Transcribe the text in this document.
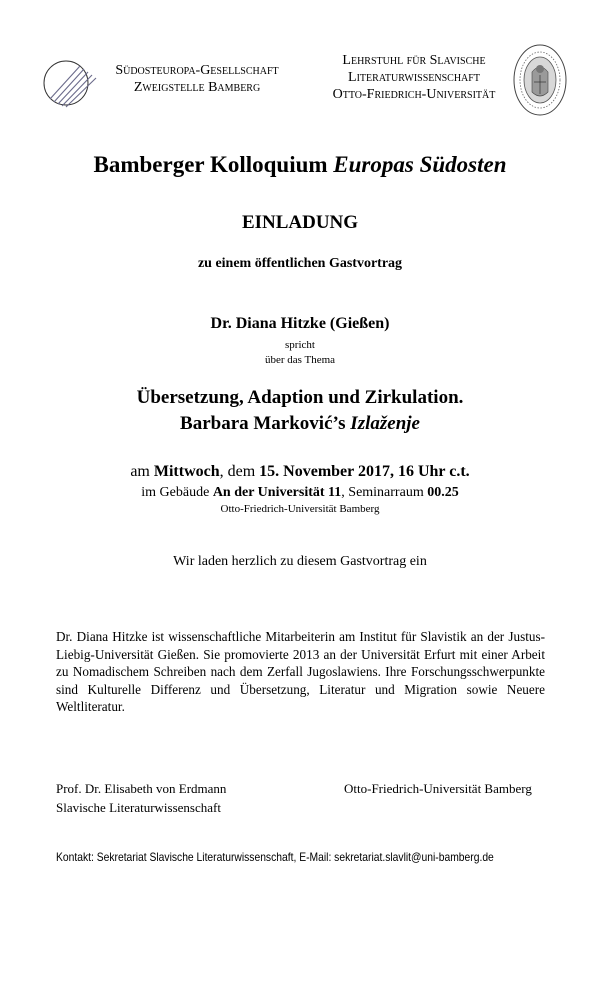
Südosteuropa-Gesellschaft
Zweigstelle Bamberg
Lehrstuhl für Slavische
Literaturwissenschaft
Otto-Friedrich-Universität
Bamberger Kolloquium Europas Südosten
EINLADUNG
zu einem öffentlichen Gastvortrag
Dr. Diana Hitzke (Gießen)
spricht
über das Thema
Übersetzung, Adaption und Zirkulation.
Barbara Marković’s Izlaženje
am Mittwoch, dem 15. November 2017, 16 Uhr c.t.
im Gebäude An der Universität 11, Seminarraum 00.25
Otto-Friedrich-Universität Bamberg
Wir laden herzlich zu diesem Gastvortrag ein
Dr. Diana Hitzke ist wissenschaftliche Mitarbeiterin am Institut für Slavistik an der Justus-Liebig-Universität Gießen. Sie promovierte 2013 an der Universität Erfurt mit einer Arbeit zu Nomadischem Schreiben nach dem Zerfall Jugoslawiens. Ihre Forschungsschwerpunkte sind Kulturelle Differenz und Übersetzung, Literatur und Migration sowie Neuere Weltliteratur.
Prof. Dr. Elisabeth von Erdmann
Slavische Literaturwissenschaft
Otto-Friedrich-Universität Bamberg
Kontakt: Sekretariat Slavische Literaturwissenschaft, E-Mail: sekretariat.slavlit@uni-bamberg.de
